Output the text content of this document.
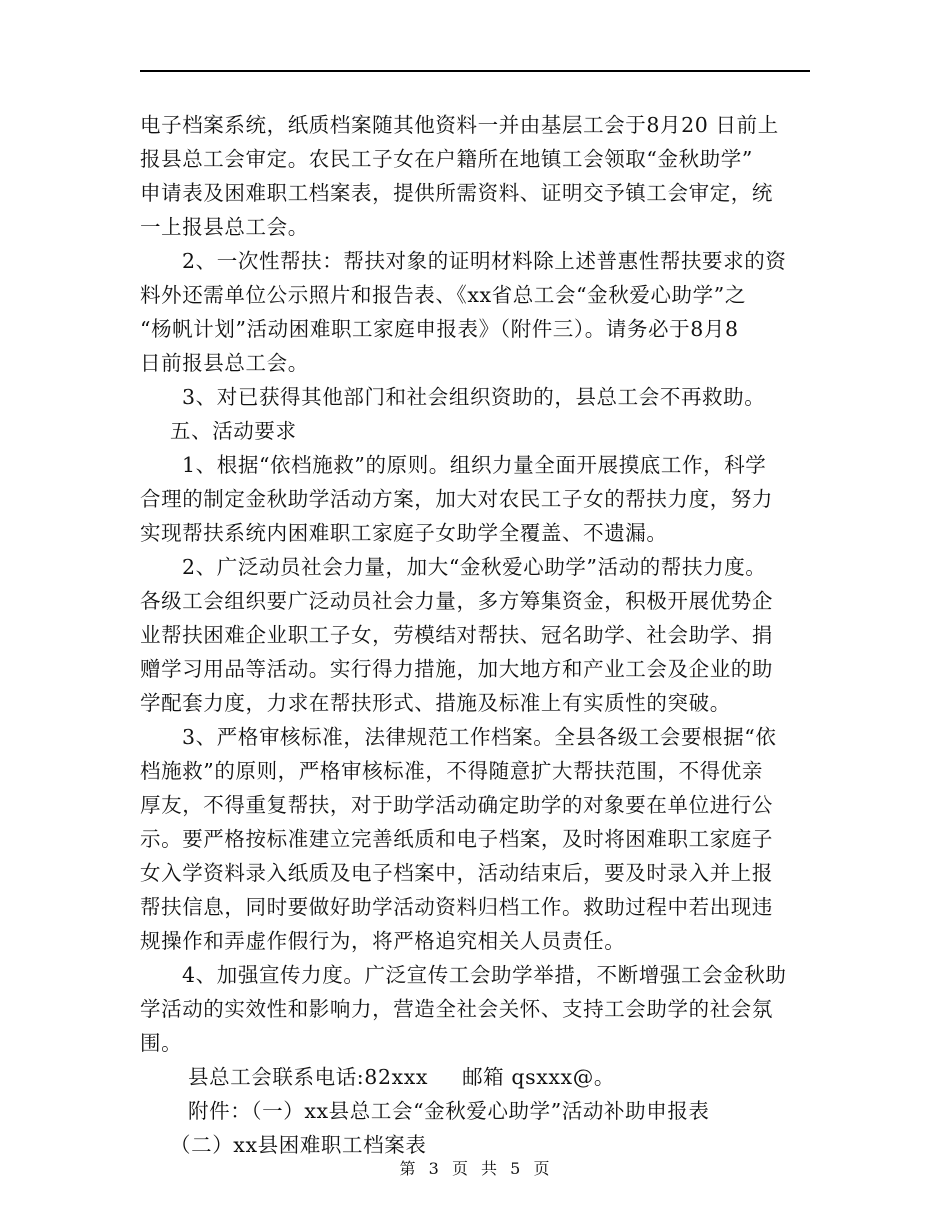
电子档案系统，纸质档案随其他资料一并由基层工会于8月20 日前上
报县总工会审定。农民工子女在户籍所在地镇工会领取“金秋助学”
申请表及困难职工档案表，提供所需资料、证明交予镇工会审定，统
一上报县总工会。
2、一次性帮扶：帮扶对象的证明材料除上述普惠性帮扶要求的资
料外还需单位公示照片和报告表、《xx省总工会“金秋爱心助学”之
“杨帆计划”活动困难职工家庭申报表》（附件三）。请务必于8月8
日前报县总工会。
3、对已获得其他部门和社会组织资助的，县总工会不再救助。
五、活动要求
1、根据“依档施救”的原则。组织力量全面开展摸底工作，科学
合理的制定金秋助学活动方案，加大对农民工子女的帮扶力度，努力
实现帮扶系统内困难职工家庭子女助学全覆盖、不遗漏。
2、广泛动员社会力量，加大“金秋爱心助学”活动的帮扶力度。
各级工会组织要广泛动员社会力量，多方筹集资金，积极开展优势企
业帮扶困难企业职工子女，劳模结对帮扶、冠名助学、社会助学、捐
赠学习用品等活动。实行得力措施，加大地方和产业工会及企业的助
学配套力度，力求在帮扶形式、措施及标准上有实质性的突破。
3、严格审核标准，法律规范工作档案。全县各级工会要根据“依
档施救”的原则，严格审核标准，不得随意扩大帮扶范围，不得优亲
厚友，不得重复帮扶，对于助学活动确定助学的对象要在单位进行公
示。要严格按标准建立完善纸质和电子档案，及时将困难职工家庭子
女入学资料录入纸质及电子档案中，活动结束后，要及时录入并上报
帮扶信息，同时要做好助学活动资料归档工作。救助过程中若出现违
规操作和弄虚作假行为，将严格追究相关人员责任。
4、加强宣传力度。广泛宣传工会助学举措，不断增强工会金秋助
学活动的实效性和影响力，营造全社会关怀、支持工会助学的社会氛
围。
县总工会联系电话:82xxx 邮箱 qsxxx@。
附件：（一）xx县总工会“金秋爱心助学”活动补助申报表
（二）xx县困难职工档案表
第 3 页 共 5 页
